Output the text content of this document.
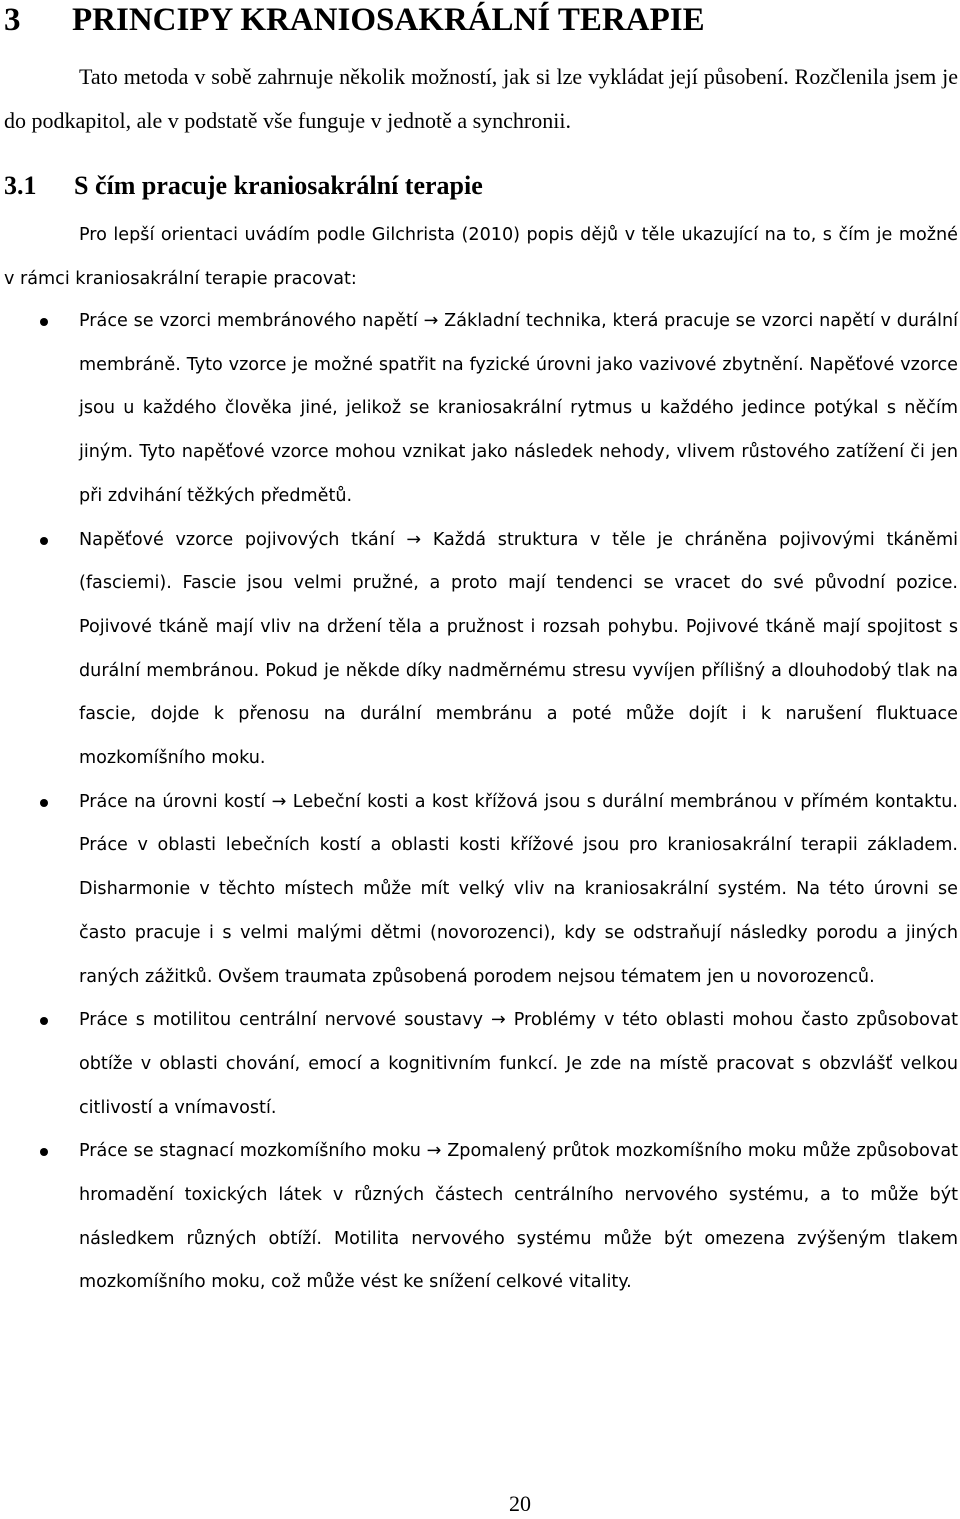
3 PRINCIPY KRANIOSAKRÁLNÍ TERAPIE

Tato metoda v sobě zahrnuje několik možností, jak si lze vykládat její působení. Rozčlenila jsem je do podkapitol, ale v podstatě vše funguje v jednotě a synchronii.

3.1 S čím pracuje kraniosakrální terapie

Pro lepší orientaci uvádím podle Gilchrista (2010) popis dějů v těle ukazující na to, s čím je možné v rámci kraniosakrální terapie pracovat:

Práce se vzorci membránového napětí → Základní technika, která pracuje se vzorci napětí v durální membráně. Tyto vzorce je možné spatřit na fyzické úrovni jako vazivové zbytnění. Napěťové vzorce jsou u každého člověka jiné, jelikož se kraniosakrální rytmus u každého jedince potýkal s něčím jiným. Tyto napěťové vzorce mohou vznikat jako následek nehody, vlivem růstového zatížení či jen při zdvihání těžkých předmětů.
Napěťové vzorce pojivových tkání → Každá struktura v těle je chráněna pojivovými tkáněmi (fasciemi). Fascie jsou velmi pružné, a proto mají tendenci se vracet do své původní pozice. Pojivové tkáně mají vliv na držení těla a pružnost i rozsah pohybu. Pojivové tkáně mají spojitost s durální membránou. Pokud je někde díky nadměrnému stresu vyvíjen přílišný a dlouhodobý tlak na fascie, dojde k přenosu na durální membránu a poté může dojít i k narušení fluktuace mozkomíšního moku.
Práce na úrovni kostí → Lebeční kosti a kost křížová jsou s durální membránou v přímém kontaktu. Práce v oblasti lebečních kostí a oblasti kosti křížové jsou pro kraniosakrální terapii základem. Disharmonie v těchto místech může mít velký vliv na kraniosakrální systém. Na této úrovni se často pracuje i s velmi malými dětmi (novorozenci), kdy se odstraňují následky porodu a jiných raných zážitků. Ovšem traumata způsobená porodem nejsou tématem jen u novorozenců.
Práce s motilitou centrální nervové soustavy → Problémy v této oblasti mohou často způsobovat obtíže v oblasti chování, emocí a kognitivním funkcí. Je zde na místě pracovat s obzvlášť velkou citlivostí a vnímavostí.
Práce se stagnací mozkomíšního moku → Zpomalený průtok mozkomíšního moku může způsobovat hromadění toxických látek v různých částech centrálního nervového systému, a to může být následkem různých obtíží. Motilita nervového systému může být omezena zvýšeným tlakem mozkomíšního moku, což může vést ke snížení celkové vitality.
20
